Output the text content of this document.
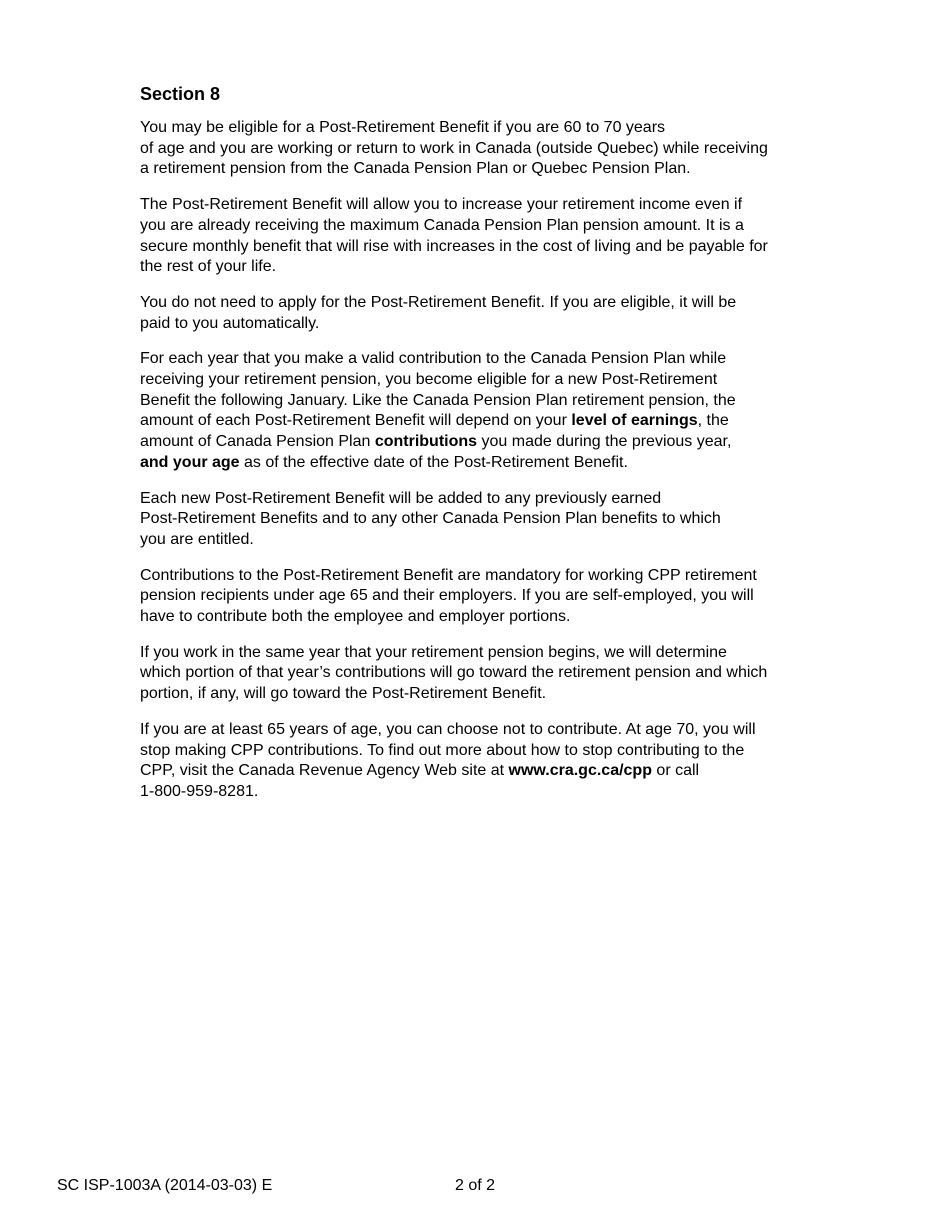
Section 8
You may be eligible for a Post-Retirement Benefit if you are 60 to 70 years
of age and you are working or return to work in Canada (outside Quebec) while receiving
a retirement pension from the Canada Pension Plan or Quebec Pension Plan.
The Post-Retirement Benefit will allow you to increase your retirement income even if
you are already receiving the maximum Canada Pension Plan pension amount. It is a
secure monthly benefit that will rise with increases in the cost of living and be payable for
the rest of your life.
You do not need to apply for the Post-Retirement Benefit. If you are eligible, it will be
paid to you automatically.
For each year that you make a valid contribution to the Canada Pension Plan while
receiving your retirement pension, you become eligible for a new Post-Retirement
Benefit the following January. Like the Canada Pension Plan retirement pension, the
amount of each Post-Retirement Benefit will depend on your level of earnings, the
amount of Canada Pension Plan contributions you made during the previous year,
and your age as of the effective date of the Post-Retirement Benefit.
Each new Post-Retirement Benefit will be added to any previously earned
Post-Retirement Benefits and to any other Canada Pension Plan benefits to which
you are entitled.
Contributions to the Post-Retirement Benefit are mandatory for working CPP retirement
pension recipients under age 65 and their employers. If you are self-employed, you will
have to contribute both the employee and employer portions.
If you work in the same year that your retirement pension begins, we will determine
which portion of that year’s contributions will go toward the retirement pension and which
portion, if any, will go toward the Post-Retirement Benefit.
If you are at least 65 years of age, you can choose not to contribute. At age 70, you will
stop making CPP contributions. To find out more about how to stop contributing to the
CPP, visit the Canada Revenue Agency Web site at www.cra.gc.ca/cpp or call
1-800-959-8281.
SC ISP-1003A (2014-03-03) E	2 of 2
